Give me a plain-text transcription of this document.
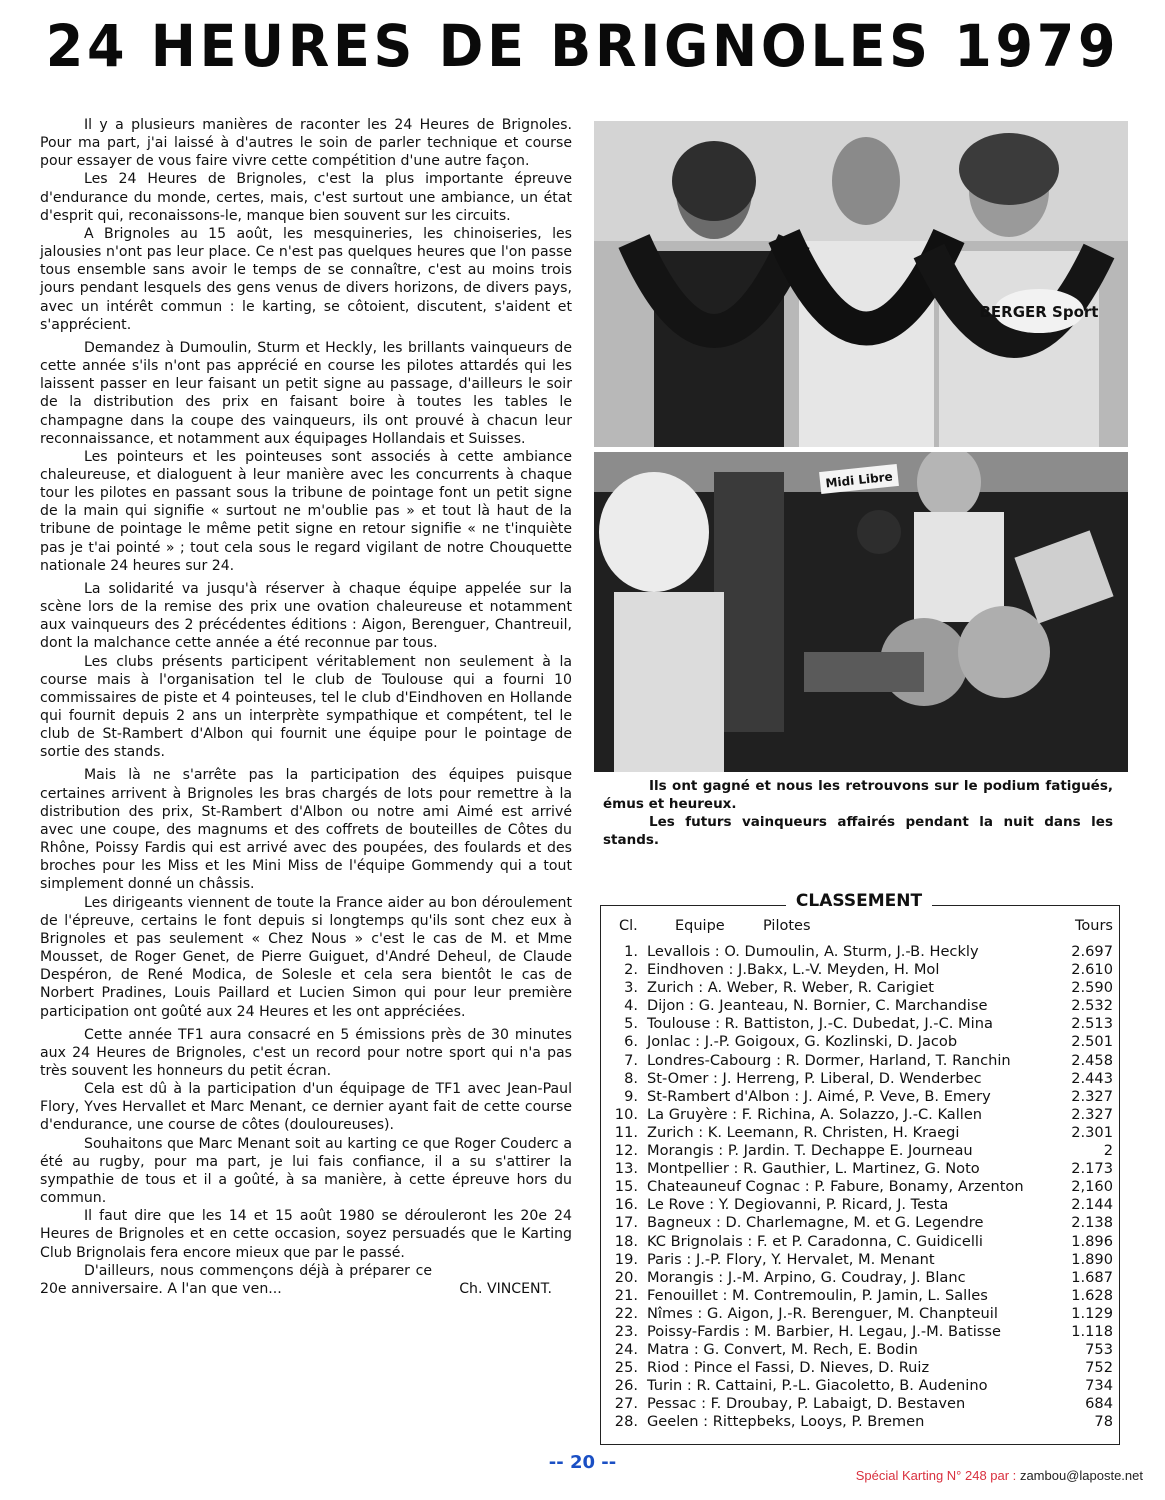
24 HEURES DE BRIGNOLES 1979

Il y a plusieurs manières de raconter les 24 Heures de Brignoles. Pour ma part, j'ai laissé à d'autres le soin de parler technique et course pour essayer de vous faire vivre cette compétition d'une autre façon.

Les 24 Heures de Brignoles, c'est la plus importante épreuve d'endurance du monde, certes, mais, c'est surtout une ambiance, un état d'esprit qui, reconaissons-le, manque bien souvent sur les circuits.

A Brignoles au 15 août, les mesquineries, les chinoiseries, les jalousies n'ont pas leur place. Ce n'est pas quelques heures que l'on passe tous ensemble sans avoir le temps de se connaître, c'est au moins trois jours pendant lesquels des gens venus de divers horizons, de divers pays, avec un intérêt commun : le karting, se côtoient, discutent, s'aident et s'apprécient.

Demandez à Dumoulin, Sturm et Heckly, les brillants vainqueurs de cette année s'ils n'ont pas apprécié en course les pilotes attardés qui les laissent passer en leur faisant un petit signe au passage, d'ailleurs le soir de la distribution des prix en faisant boire à toutes les tables le champagne dans la coupe des vainqueurs, ils ont prouvé à chacun leur reconnaissance, et notamment aux équipages Hollandais et Suisses.

Les pointeurs et les pointeuses sont associés à cette ambiance chaleureuse, et dialoguent à leur manière avec les concurrents à chaque tour les pilotes en passant sous la tribune de pointage font un petit signe de la main qui signifie « surtout ne m'oublie pas » et tout là haut de la tribune de pointage le même petit signe en retour signifie « ne t'inquiète pas je t'ai pointé » ; tout cela sous le regard vigilant de notre Chouquette nationale 24 heures sur 24.

La solidarité va jusqu'à réserver à chaque équipe appelée sur la scène lors de la remise des prix une ovation chaleureuse et notamment aux vainqueurs des 2 précédentes éditions : Aigon, Berenguer, Chantreuil, dont la malchance cette année a été reconnue par tous.

Les clubs présents participent véritablement non seulement à la course mais à l'organisation tel le club de Toulouse qui a fourni 10 commissaires de piste et 4 pointeuses, tel le club d'Eindhoven en Hollande qui fournit depuis 2 ans un interprète sympathique et compétent, tel le club de St-Rambert d'Albon qui fournit une équipe pour le pointage de sortie des stands.

Mais là ne s'arrête pas la participation des équipes puisque certaines arrivent à Brignoles les bras chargés de lots pour remettre à la distribution des prix, St-Rambert d'Albon ou notre ami Aimé est arrivé avec une coupe, des magnums et des coffrets de bouteilles de Côtes du Rhône, Poissy Fardis qui est arrivé avec des poupées, des foulards et des broches pour les Miss et les Mini Miss de l'équipe Gommendy qui a tout simplement donné un châssis.

Les dirigeants viennent de toute la France aider au bon déroulement de l'épreuve, certains le font depuis si longtemps qu'ils sont chez eux à Brignoles et pas seulement « Chez Nous » c'est le cas de M. et Mme Mousset, de Roger Genet, de Pierre Guiguet, d'André Deheul, de Claude Despéron, de René Modica, de Solesle et cela sera bientôt le cas de Norbert Pradines, Louis Paillard et Lucien Simon qui pour leur première participation ont goûté aux 24 Heures et les ont appréciées.

Cette année TF1 aura consacré en 5 émissions près de 30 minutes aux 24 Heures de Brignoles, c'est un record pour notre sport qui n'a pas très souvent les honneurs du petit écran.

Cela est dû à la participation d'un équipage de TF1 avec Jean-Paul Flory, Yves Hervallet et Marc Menant, ce dernier ayant fait de cette course d'endurance, une course de côtes (douloureuses).

Souhaitons que Marc Menant soit au karting ce que Roger Couderc a été au rugby, pour ma part, je lui fais confiance, il a su s'attirer la sympathie de tous et il a goûté, à sa manière, à cette épreuve hors du commun.

Il faut dire que les 14 et 15 août 1980 se dérouleront les 20e 24 Heures de Brignoles et en cette occasion, soyez persuadés que le Karting Club Brignolais fera encore mieux que par le passé.

D'ailleurs, nous commençons déjà à préparer ce 20e anniversaire. A l'an que ven...	Ch. VINCENT.

BERGER Sport
Midi Libre

Ils ont gagné et nous les retrouvons sur le podium fatigués, émus et heureux.

Les futurs vainqueurs affairés pendant la nuit dans les stands.

Cl.	Equipe	Pilotes	Tours
1. Levallois : O. Dumoulin, A. Sturm, J.-B. Heckly	2.697
2. Eindhoven : J.Bakx, L.-V. Meyden, H. Mol	2.610
3. Zurich : A. Weber, R. Weber, R. Carigiet	2.590
4. Dijon : G. Jeanteau, N. Bornier, C. Marchandise	2.532
5. Toulouse : R. Battiston, J.-C. Dubedat, J.-C. Mina	2.513
6. Jonlac : J.-P. Goigoux, G. Kozlinski, D. Jacob	2.501
7. Londres-Cabourg : R. Dormer, Harland, T. Ranchin	2.458
8. St-Omer : J. Herreng, P. Liberal, D. Wenderbec	2.443
9. St-Rambert d'Albon : J. Aimé, P. Veve, B. Emery	2.327
10. La Gruyère : F. Richina, A. Solazzo, J.-C. Kallen	2.327
11. Zurich : K. Leemann, R. Christen, H. Kraegi	2.301
12. Morangis : P. Jardin. T. Dechappe E. Journeau	2
13. Montpellier : R. Gauthier, L. Martinez, G. Noto	2.173
15. Chateauneuf Cognac : P. Fabure, Bonamy, Arzenton	2,160
16. Le Rove : Y. Degiovanni, P. Ricard, J. Testa	2.144
17. Bagneux : D. Charlemagne, M. et G. Legendre	2.138
18. KC Brignolais : F. et P. Caradonna, C. Guidicelli	1.896
19. Paris : J.-P. Flory, Y. Hervalet, M. Menant	1.890
20. Morangis : J.-M. Arpino, G. Coudray, J. Blanc	1.687
21. Fenouillet : M. Contremoulin, P. Jamin, L. Salles	1.628
22. Nîmes : G. Aigon, J.-R. Berenguer, M. Chanpteuil	1.129
23. Poissy-Fardis : M. Barbier, H. Legau, J.-M. Batisse	1.118
24. Matra : G. Convert, M. Rech, E. Bodin	753
25. Riod : Pince el Fassi, D. Nieves, D. Ruiz	752
26. Turin : R. Cattaini, P.-L. Giacoletto, B. Audenino	734
27. Pessac : F. Droubay, P. Labaigt, D. Bestaven	684
28. Geelen : Rittepbeks, Looys, P. Bremen	78
CLASSEMENT
-- 20 --
Spécial Karting N° 248 par : zambou@laposte.net
